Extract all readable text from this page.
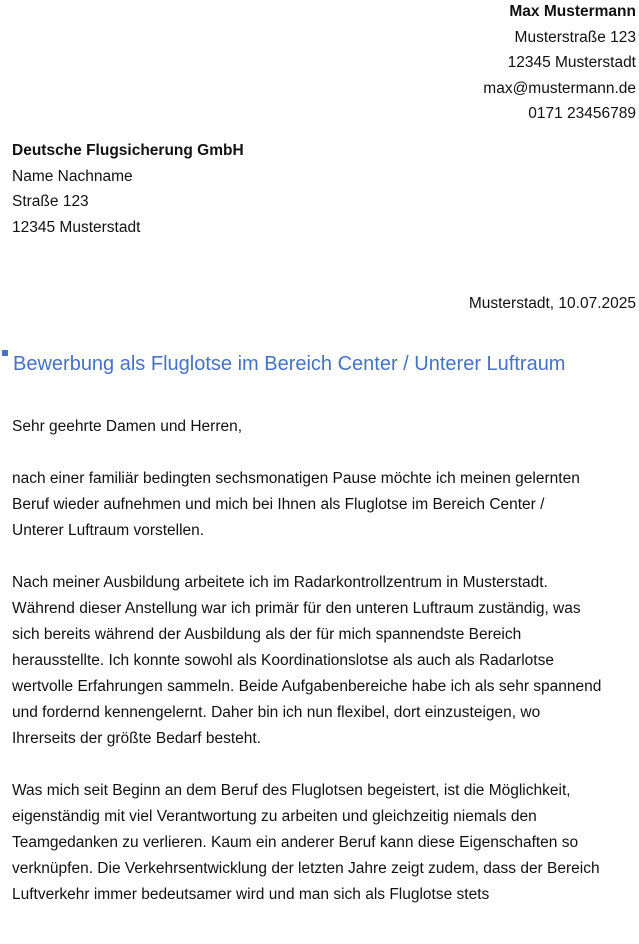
Max Mustermann
Musterstraße 123
12345 Musterstadt
max@mustermann.de
0171 23456789
Deutsche Flugsicherung GmbH
Name Nachname
Straße 123
12345 Musterstadt
Musterstadt, 10.07.2025
Bewerbung als Fluglotse im Bereich Center / Unterer Luftraum

Sehr geehrte Damen und Herren,

nach einer familiär bedingten sechsmonatigen Pause möchte ich meinen gelernten
Beruf wieder aufnehmen und mich bei Ihnen als Fluglotse im Bereich Center /
Unterer Luftraum vorstellen.

Nach meiner Ausbildung arbeitete ich im Radarkontrollzentrum in Musterstadt.
Während dieser Anstellung war ich primär für den unteren Luftraum zuständig, was
sich bereits während der Ausbildung als der für mich spannendste Bereich
herausstellte. Ich konnte sowohl als Koordinationslotse als auch als Radarlotse
wertvolle Erfahrungen sammeln. Beide Aufgabenbereiche habe ich als sehr spannend
und fordernd kennengelernt. Daher bin ich nun flexibel, dort einzusteigen, wo
Ihrerseits der größte Bedarf besteht.

Was mich seit Beginn an dem Beruf des Fluglotsen begeistert, ist die Möglichkeit,
eigenständig mit viel Verantwortung zu arbeiten und gleichzeitig niemals den
Teamgedanken zu verlieren. Kaum ein anderer Beruf kann diese Eigenschaften so
verknüpfen. Die Verkehrsentwicklung der letzten Jahre zeigt zudem, dass der Bereich
Luftverkehr immer bedeutsamer wird und man sich als Fluglotse stets
